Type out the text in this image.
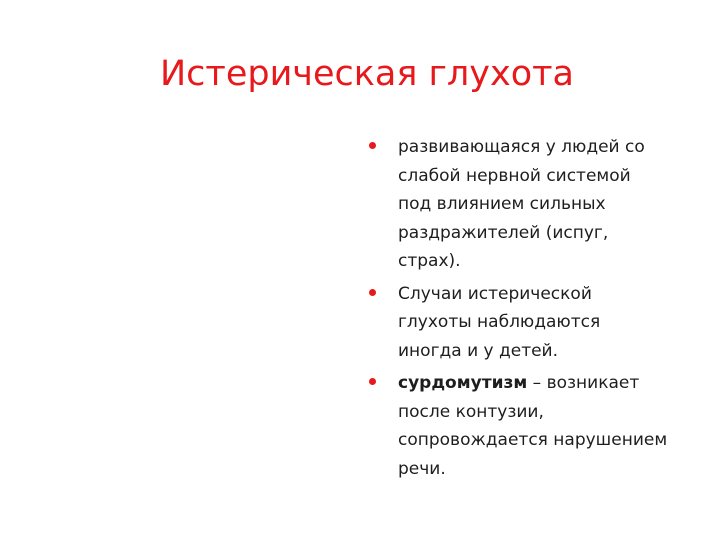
Истерическая глухота
развивающаяся у людей со слабой нервной системой под влиянием сильных раздражителей (испуг, страх).
Случаи истерической глухоты наблюдаются иногда и у детей.
сурдомутизм – возникает после контузии, сопровождается нарушением речи.
